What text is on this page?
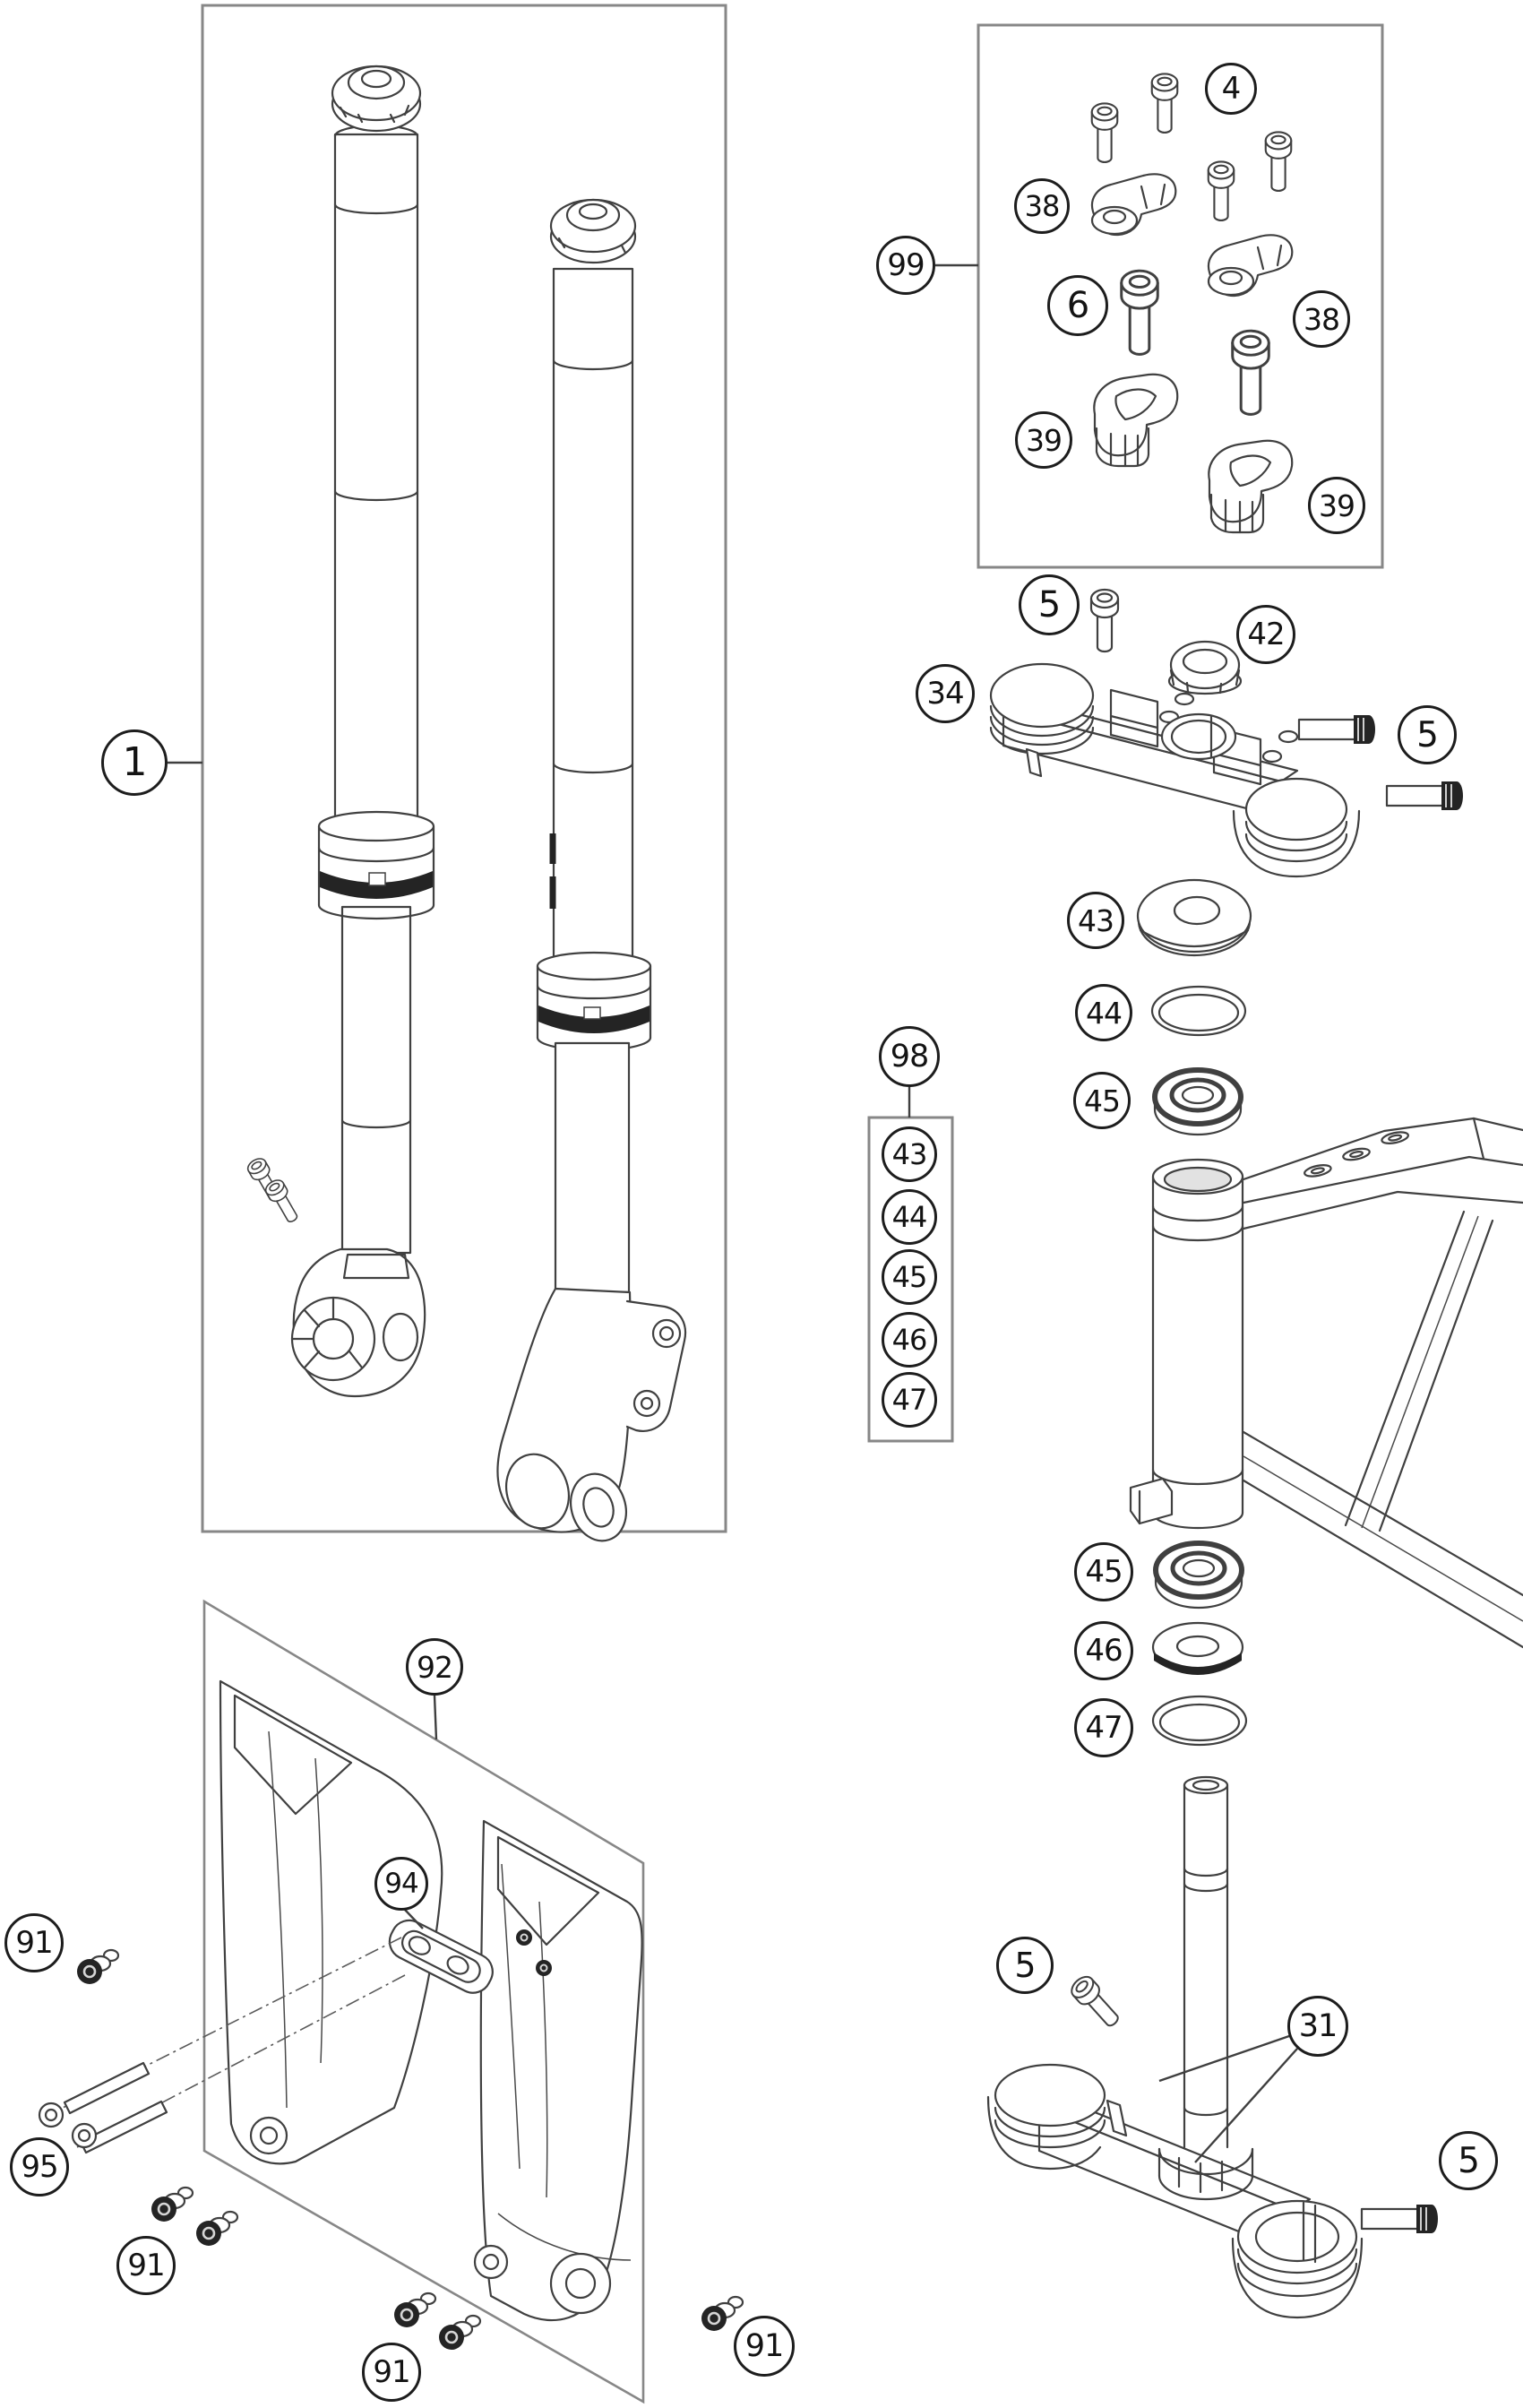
1
99
4
38
38
6
39
39
5
42
34
5
43
44
45
98
43
44
45
46
47
45
46
47
5
31
5
92
94
91
95
91
91
91
